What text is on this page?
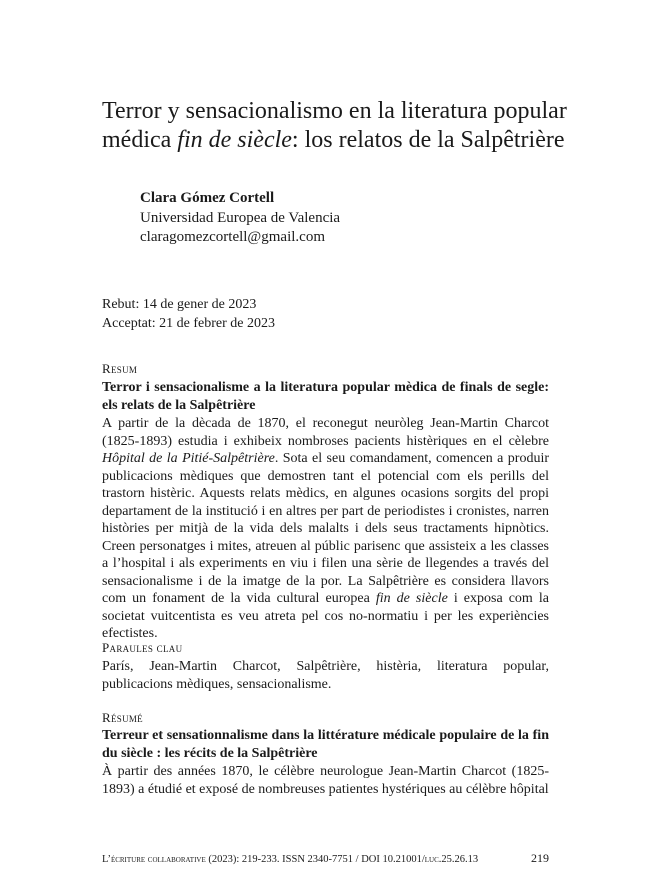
Terror y sensacionalismo en la literatura popular médica fin de siècle: los relatos de la Salpêtrière
Clara Gómez Cortell
Universidad Europea de Valencia
claragomezcortell@gmail.com
Rebut: 14 de gener de 2023
Acceptat: 21 de febrer de 2023
Resum
Terror i sensacionalisme a la literatura popular mèdica de finals de segle: els relats de la Salpêtrière

A partir de la dècada de 1870, el reconegut neuròleg Jean-Martin Charcot (1825-1893) estudia i exhibeix nombroses pacients histèriques en el cèlebre Hôpital de la Pitié-Salpêtrière. Sota el seu comandament, comencen a produir publicacions mèdiques que demostren tant el potencial com els perills del trastorn histèric. Aquests relats mèdics, en algunes ocasions sorgits del propi departament de la institució i en altres per part de periodistes i cronistes, narren històries per mitjà de la vida dels malalts i dels seus tractaments hipnòtics. Creen personatges i mites, atreuen al públic parisenc que assisteix a les classes a l’hospital i als experiments en viu i filen una sèrie de llegendes a través del sensacionalisme i de la imatge de la por. La Salpêtrière es considera llavors com un fonament de la vida cultural europea fin de siècle i exposa com la societat vuitcentista es veu atreta pel cos no-normatiu i per les experiències efectistes.

Paraules clau

París, Jean-Martin Charcot, Salpêtrière, histèria, literatura popular, publicacions mèdiques, sensacionalisme.

Résumé
Terreur et sensationnalisme dans la littérature médicale populaire de la fin du siècle : les récits de la Salpêtrière

À partir des années 1870, le célèbre neurologue Jean-Martin Charcot (1825-1893) a étudié et exposé de nombreuses patientes hystériques au célèbre hôpital

L’écriture collaborative (2023): 219-233. ISSN 2340-7751 / DOI 10.21001/luc.25.26.13	219
